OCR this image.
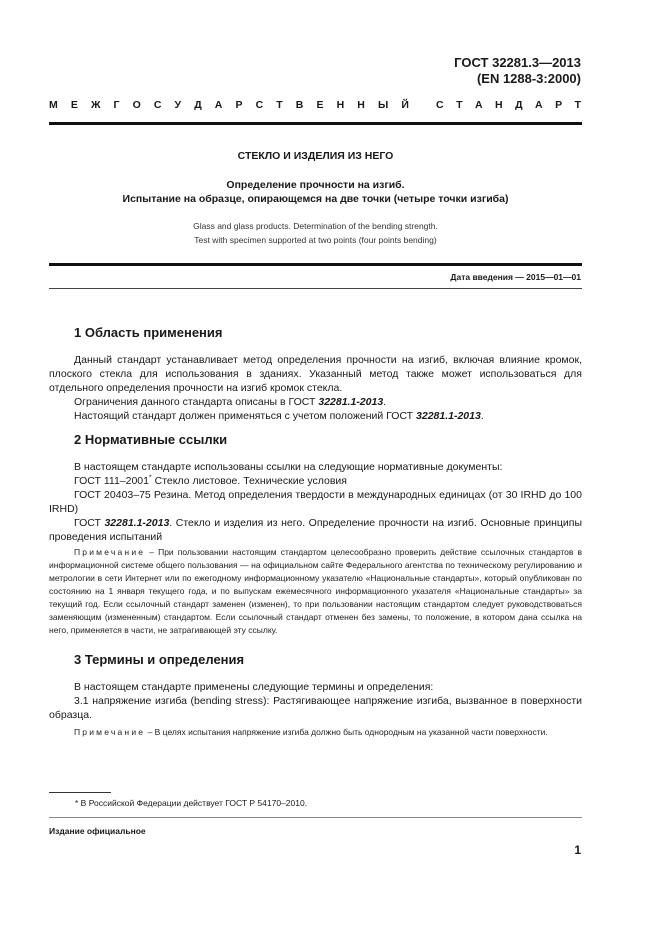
ГОСТ 32281.3—2013
(EN 1288-3:2000)
М Е Ж Г О С У Д А Р С Т В Е Н Н Ы Й	С Т А Н Д А Р Т
СТЕКЛО И ИЗДЕЛИЯ ИЗ НЕГО
Определение прочности на изгиб.
Испытание на образце, опирающемся на две точки (четыре точки изгиба)
Glass and glass products. Determination of the bending strength.
Test with specimen supported at two points (four points bending)
Дата введения — 2015—01—01
1 Область применения

Данный стандарт устанавливает метод определения прочности на изгиб, включая влияние кромок, плоского стекла для использования в зданиях. Указанный метод также может использоваться для отдельного определения прочности на изгиб кромок стекла.

Ограничения данного стандарта описаны в ГОСТ 32281.1-2013.

Настоящий стандарт должен применяться с учетом положений ГОСТ 32281.1-2013.

2 Нормативные ссылки

В настоящем стандарте использованы ссылки на следующие нормативные документы:

ГОСТ 111–2001* Стекло листовое. Технические условия

ГОСТ 20403–75 Резина. Метод определения твердости в международных единицах (от 30 IRHD до 100 IRHD)

ГОСТ 32281.1-2013. Стекло и изделия из него. Определение прочности на изгиб. Основные принципы проведения испытаний

Примечание – При пользовании настоящим стандартом целесообразно проверить действие ссылочных стандартов в информационной системе общего пользования — на официальном сайте Федерального агентства по техническому регулированию и метрологии в сети Интернет или по ежегодному информационному указателю «Национальные стандарты», который опубликован по состоянию на 1 января текущего года, и по выпускам ежемесячного информационного указателя «Национальные стандарты» за текущий год. Если ссылочный стандарт заменен (изменен), то при пользовании настоящим стандартом следует руководствоваться заменяющим (измененным) стандартом. Если ссылочный стандарт отменен без замены, то положение, в котором дана ссылка на него, применяется в части, не затрагивающей эту ссылку.

3 Термины и определения

В настоящем стандарте применены следующие термины и определения:

3.1 напряжение изгиба (bending stress): Растягивающее напряжение изгиба, вызванное в поверхности образца.

Примечание – В целях испытания напряжение изгиба должно быть однородным на указанной части поверхности.

* В Российской Федерации действует ГОСТ Р 54170–2010.
Издание официальное
1
